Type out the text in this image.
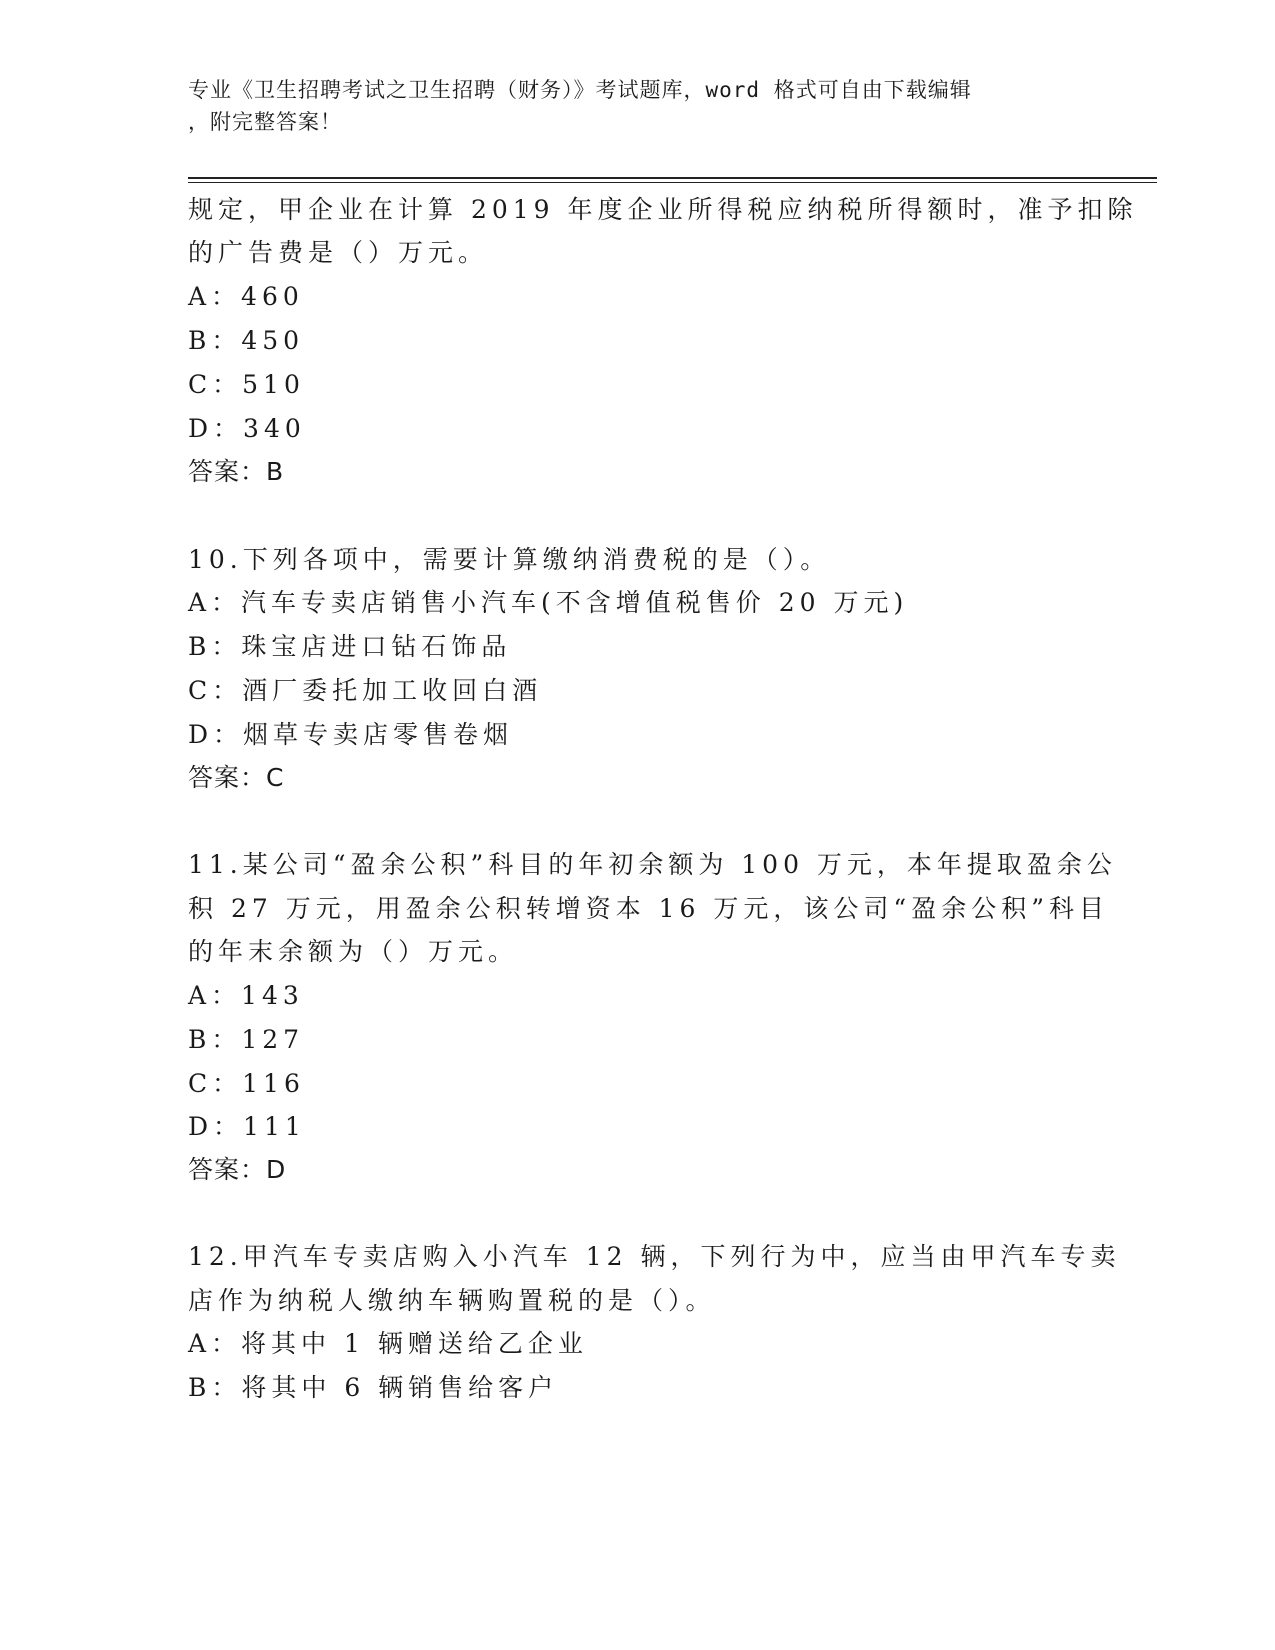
专业《卫生招聘考试之卫生招聘（财务）》考试题库，word 格式可自由下载编辑
，附完整答案！
规定，甲企业在计算 2019 年度企业所得税应纳税所得额时，准予扣除
的广告费是（）万元。
A：460
B：450
C：510
D：340
答案：B
10.下列各项中，需要计算缴纳消费税的是（）。
A：汽车专卖店销售小汽车(不含增值税售价 20 万元)
B：珠宝店进口钻石饰品
C：酒厂委托加工收回白酒
D：烟草专卖店零售卷烟
答案：C
11.某公司“盈余公积”科目的年初余额为 100 万元，本年提取盈余公
积 27 万元，用盈余公积转增资本 16 万元，该公司“盈余公积”科目
的年末余额为（）万元。
A：143
B：127
C：116
D：111
答案：D
12.甲汽车专卖店购入小汽车 12 辆，下列行为中，应当由甲汽车专卖
店作为纳税人缴纳车辆购置税的是（）。
A：将其中 1 辆赠送给乙企业
B：将其中 6 辆销售给客户
